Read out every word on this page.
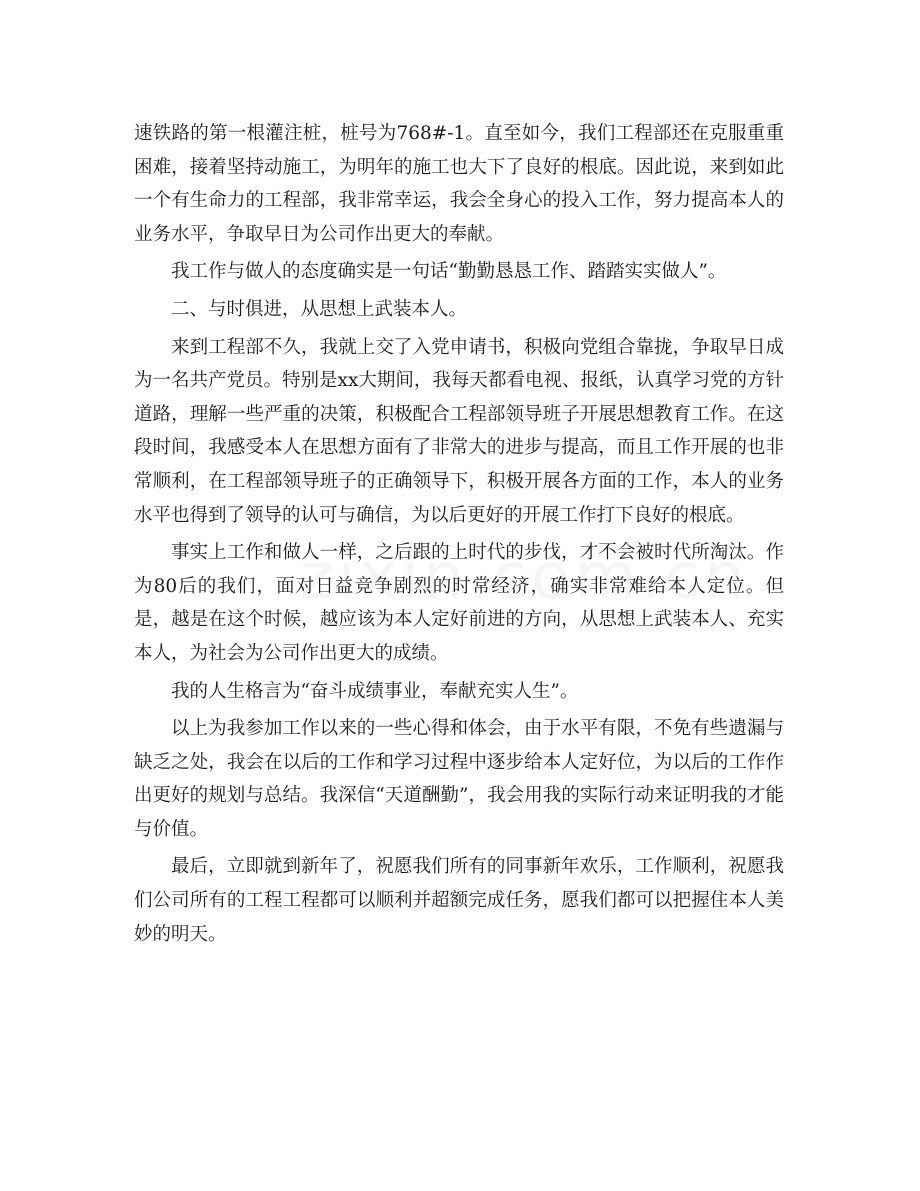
速铁路的第一根灌注桩，桩号为768#-1。直至如今，我们工程部还在克服重重困难，接着坚持动施工，为明年的施工也大下了良好的根底。因此说，来到如此一个有生命力的工程部，我非常幸运，我会全身心的投入工作，努力提高本人的业务水平，争取早日为公司作出更大的奉献。

我工作与做人的态度确实是一句话“勤勤恳恳工作、踏踏实实做人”。

二、与时俱进，从思想上武装本人。

来到工程部不久，我就上交了入党申请书，积极向党组合靠拢，争取早日成为一名共产党员。特别是xx大期间，我每天都看电视、报纸，认真学习党的方针道路，理解一些严重的决策，积极配合工程部领导班子开展思想教育工作。在这段时间，我感受本人在思想方面有了非常大的进步与提高，而且工作开展的也非常顺利，在工程部领导班子的正确领导下，积极开展各方面的工作，本人的业务水平也得到了领导的认可与确信，为以后更好的开展工作打下良好的根底。

事实上工作和做人一样，之后跟的上时代的步伐，才不会被时代所淘汰。作为80后的我们，面对日益竞争剧烈的时常经济，确实非常难给本人定位。但是，越是在这个时候，越应该为本人定好前进的方向，从思想上武装本人、充实本人，为社会为公司作出更大的成绩。

我的人生格言为“奋斗成绩事业，奉献充实人生”。

以上为我参加工作以来的一些心得和体会，由于水平有限，不免有些遗漏与缺乏之处，我会在以后的工作和学习过程中逐步给本人定好位，为以后的工作作出更好的规划与总结。我深信“天道酬勤”，我会用我的实际行动来证明我的才能与价值。

最后，立即就到新年了，祝愿我们所有的同事新年欢乐，工作顺利，祝愿我们公司所有的工程工程都可以顺利并超额完成任务，愿我们都可以把握住本人美妙的明天。
